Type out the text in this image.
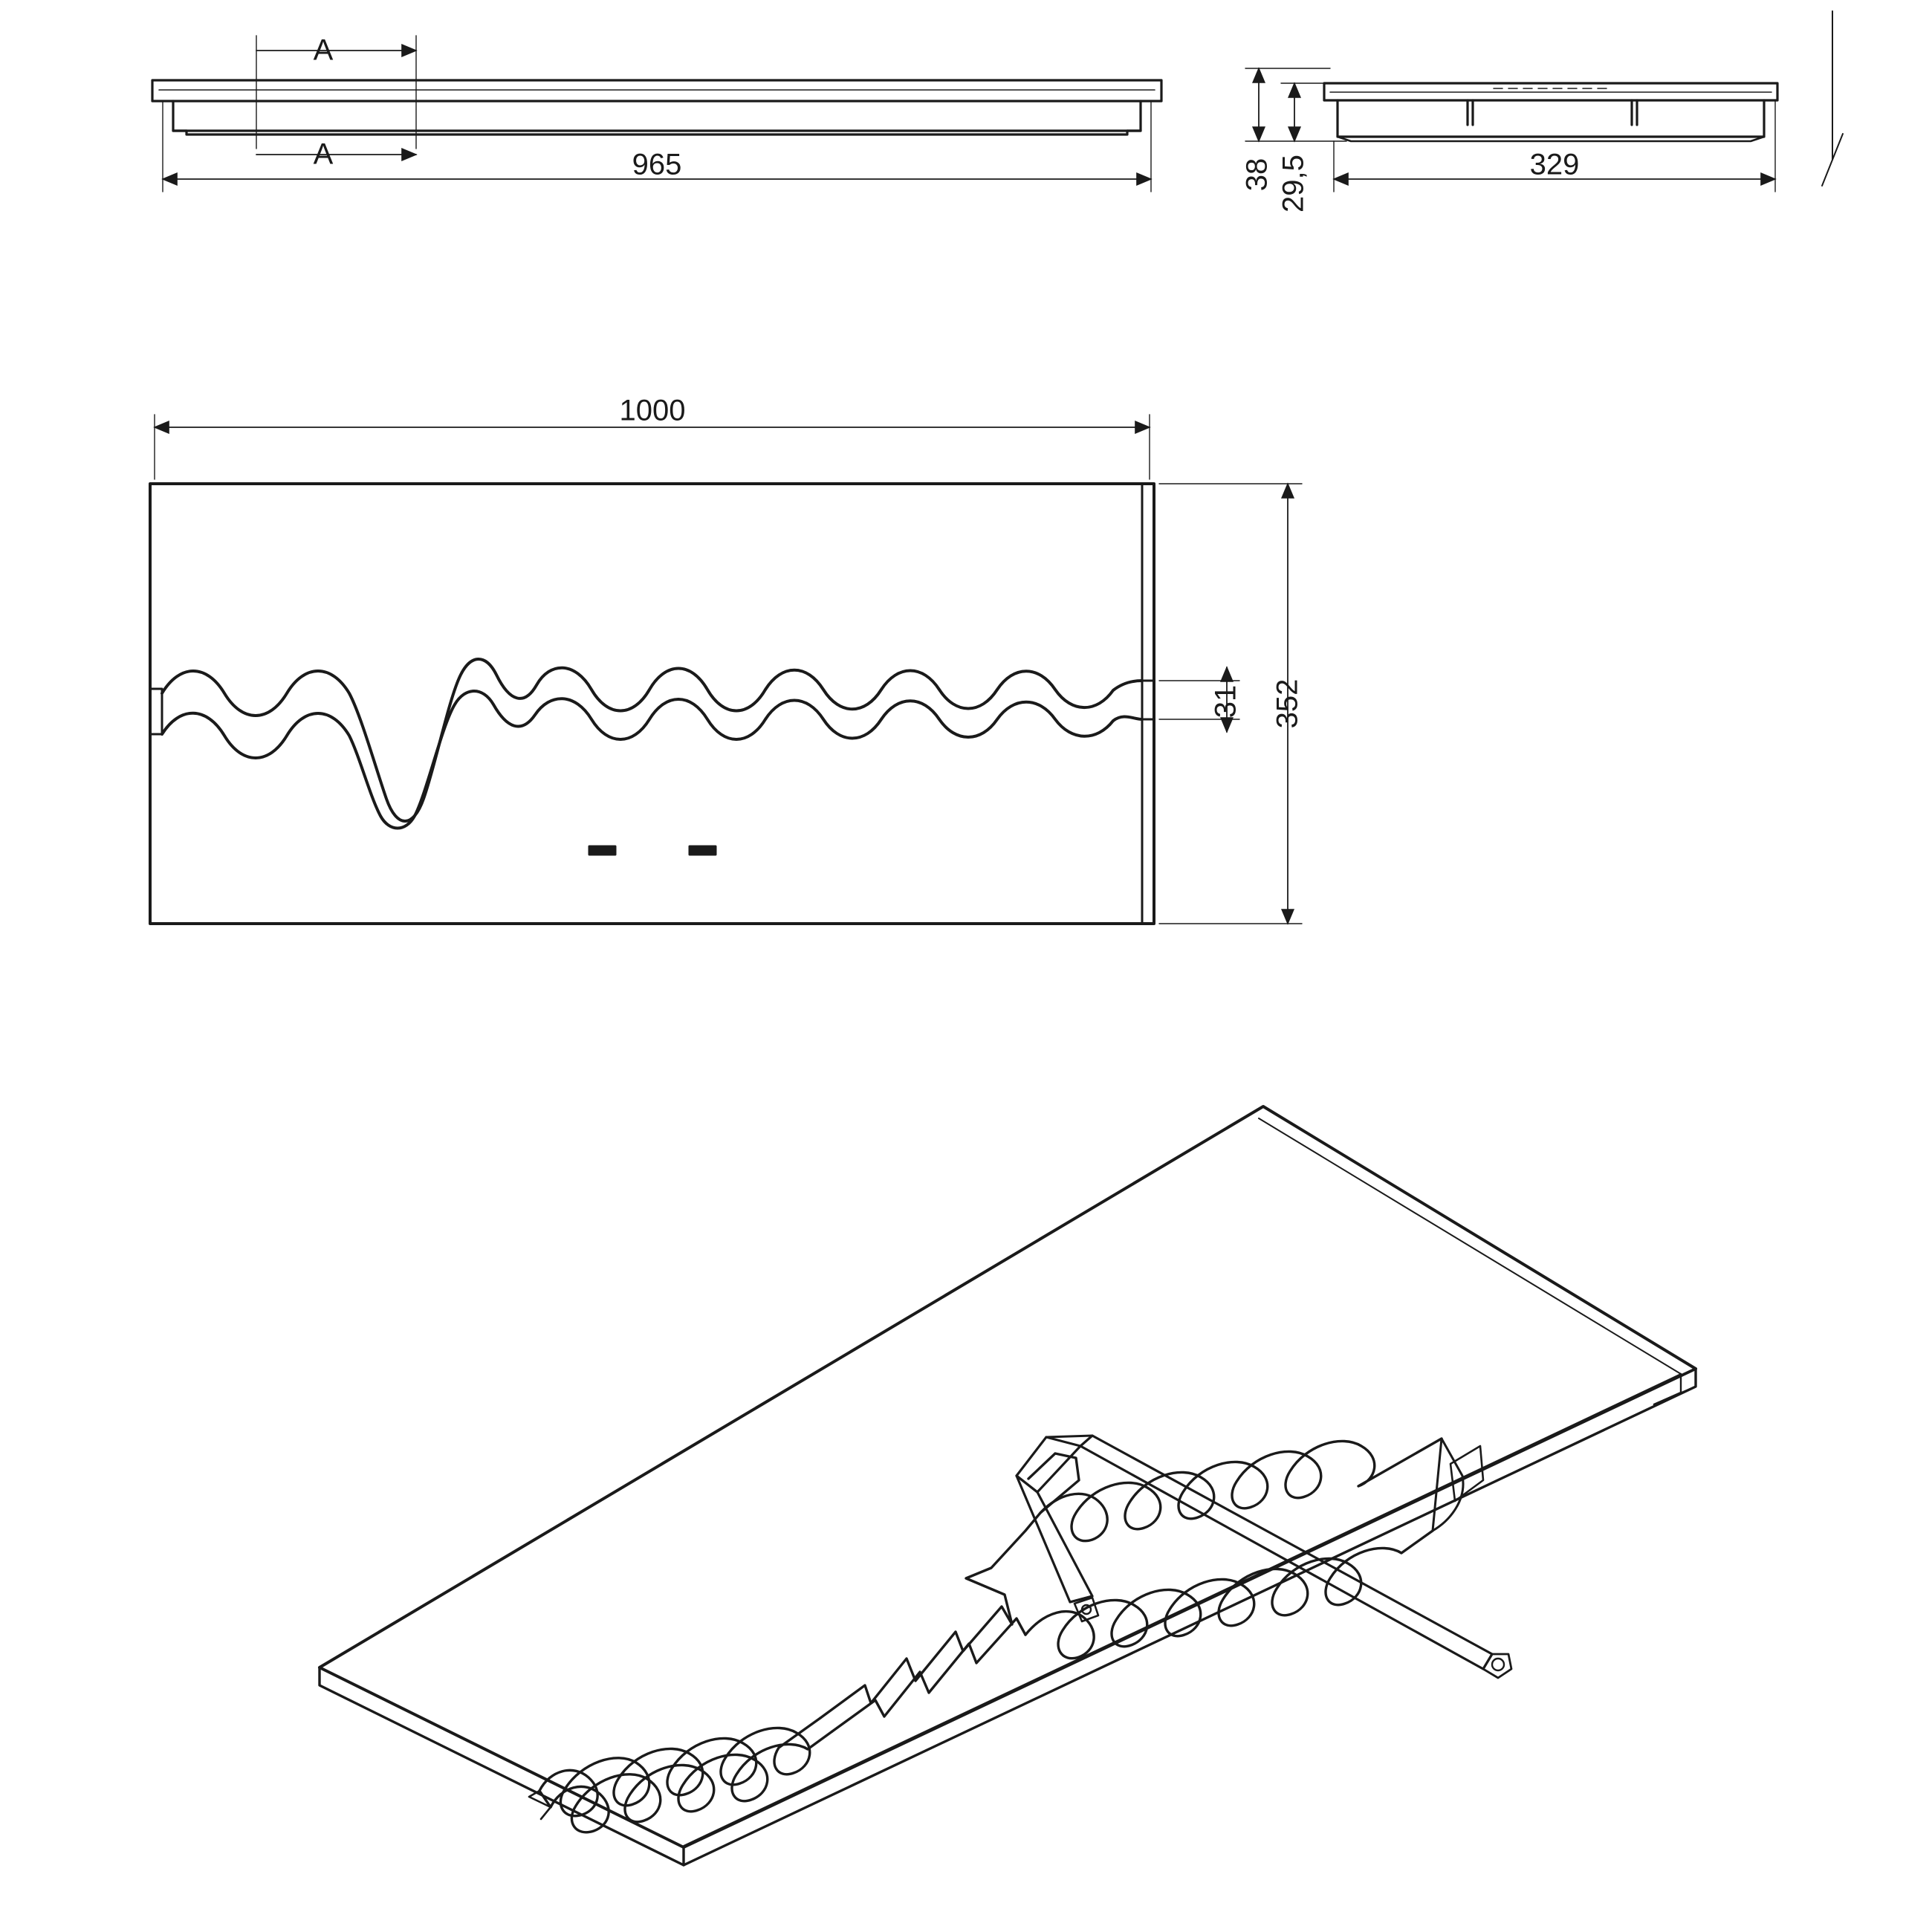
A
A	965	38 29,5	329
1000
352
31
